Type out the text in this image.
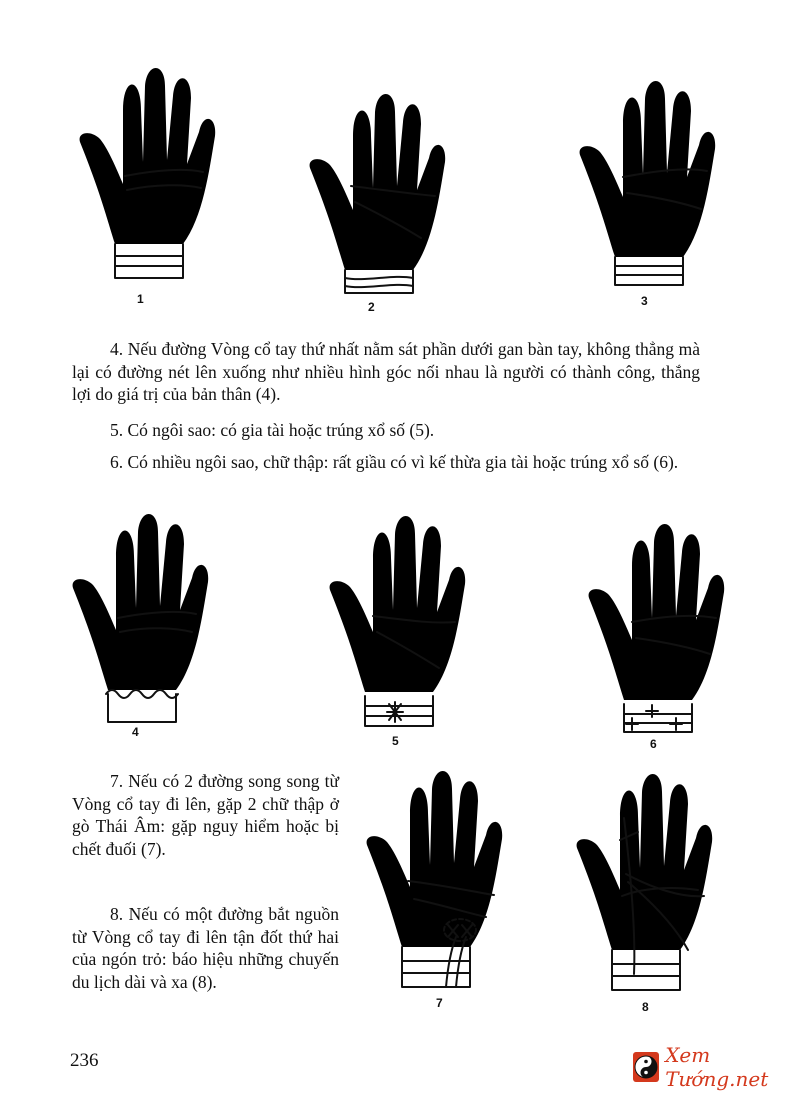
1
2	3

4. Nếu đường Vòng cổ tay thứ nhất nằm sát phần dưới gan bàn tay, không thẳng mà lại có đường nét lên xuống như nhiều hình góc nối nhau là người có thành công, thắng lợi do giá trị của bản thân (4).

5. Có ngôi sao: có gia tài hoặc trúng xổ số (5).

6. Có nhiều ngôi sao, chữ thập: rất giầu có vì kế thừa gia tài hoặc trúng xổ số (6).

4
5	6

7. Nếu có 2 đường song song từ Vòng cổ tay đi lên, gặp 2 chữ thập ở gò Thái Âm: gặp nguy hiểm hoặc bị chết đuối (7).

8. Nếu có một đường bắt nguồn từ Vòng cổ tay đi lên tận đốt thứ hai của ngón trỏ: báo hiệu những chuyến du lịch dài và xa (8).

7	8
236	Xem Tướng.net
